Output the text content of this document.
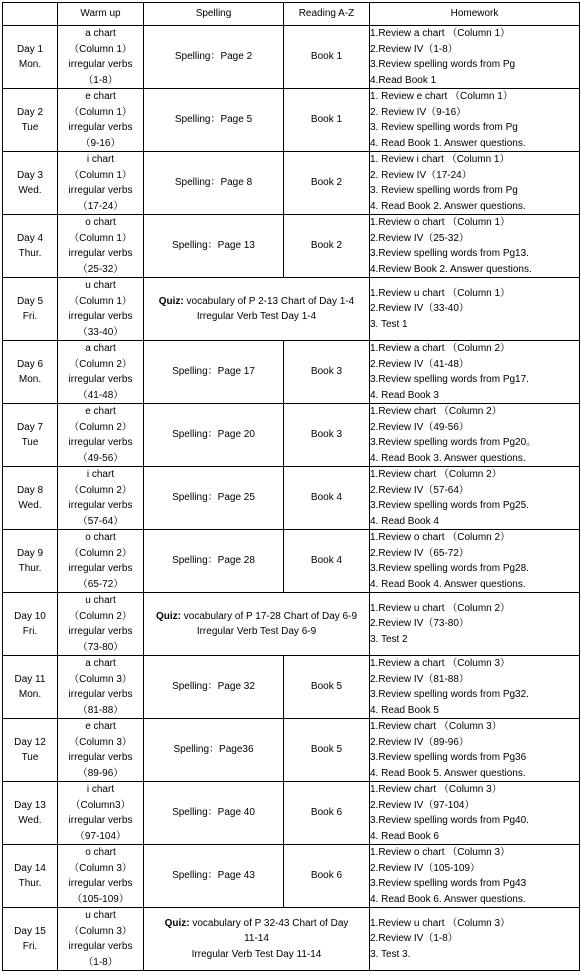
	Warm up	Spelling	Reading A-Z	Homework

Day 1
Mon.	a chart
（Column 1）
irregular verbs
（1-8）	Spelling：Page 2	Book 1	1.Review a chart （Column 1）
2.Review IV（1-8）
3.Review spelling words from Pg
4.Read Book 1

Day 2
Tue	e chart
（Column 1）
irregular verbs
（9-16）	Spelling：Page 5	Book 1	1. Review e chart （Column 1）
2. Review IV（9-16）
3. Review spelling words from Pg
4. Read Book 1. Answer questions.

Day 3
Wed.	i chart
（Column 1）
irregular verbs
（17-24）	Spelling：Page 8	Book 2	1. Review i chart （Column 1）
2. Review IV（17-24）
3. Review spelling words from Pg
4. Read Book 2. Answer questions.

Day 4
Thur.	o chart
（Column 1）
irregular verbs
（25-32）	Spelling：Page 13	Book 2	1.Review o chart （Column 1）
2.Review IV（25-32）
3.Review spelling words from Pg13.
4.Review Book 2. Answer questions.

Day 5
Fri.	u chart
（Column 1）
irregular verbs
（33-40）	Quiz: vocabulary of P 2-13 Chart of Day 1-4
Irregular Verb Test Day 1-4		1.Review u chart （Column 1）
2.Review IV（33-40）
3. Test 1

Day 6
Mon.	a chart
（Column 2）
irregular verbs
（41-48）	Spelling：Page 17	Book 3	1.Review a chart （Column 2）
2.Review IV（41-48）
3.Review spelling words from Pg17.
4. Read Book 3

Day 7
Tue	e chart
（Column 2）
irregular verbs
（49-56）	Spelling：Page 20	Book 3	1.Review chart （Column 2）
2.Review IV（49-56）
3.Review spelling words from Pg20。
4. Read Book 3. Answer questions.

Day 8
Wed.	i chart
（Column 2）
irregular verbs
（57-64）	Spelling：Page 25	Book 4	1.Review chart （Column 2）
2.Review IV（57-64）
3.Review spelling words from Pg25.
4. Read Book 4

Day 9
Thur.	o chart
（Column 2）
irregular verbs
（65-72）	Spelling：Page 28	Book 4	1.Review o chart （Column 2）
2.Review IV（65-72）
3.Review spelling words from Pg28.
4. Read Book 4. Answer questions.

Day 10
Fri.	u chart
（Column 2）
irregular verbs
（73-80）	Quiz: vocabulary of P 17-28 Chart of Day 6-9
Irregular Verb Test Day 6-9		1.Review u chart （Column 2）
2.Review IV（73-80）
3. Test 2

Day 11
Mon.	a chart
（Column 3）
irregular verbs
（81-88）	Spelling：Page 32	Book 5	1.Review a chart （Column 3）
2.Review IV（81-88）
3.Review spelling words from Pg32.
4. Read Book 5

Day 12
Tue	e chart
（Column 3）
irregular verbs
（89-96）	Spelling：Page36	Book 5	1.Review chart （Column 3）
2.Review IV（89-96）
3.Review spelling words from Pg36
4. Read Book 5. Answer questions.

Day 13
Wed.	i chart
（Column3）
irregular verbs
（97-104）	Spelling：Page 40	Book 6	1.Review chart （Column 3）
2.Review IV（97-104）
3.Review spelling words from Pg40.
4. Read Book 6

Day 14
Thur.	o chart
（Column 3）
irregular verbs
（105-109）	Spelling：Page 43	Book 6	1.Review o chart （Column 3）
2.Review IV（105-109）
3.Review spelling words from Pg43
4. Read Book 6. Answer questions.

Day 15
Fri.	u chart
（Column 3）
irregular verbs
（1-8）	Quiz: vocabulary of P 32-43 Chart of Day
11-14
Irregular Verb Test Day 11-14		1.Review u chart （Column 3）
2.Review IV（1-8）
3. Test 3.
